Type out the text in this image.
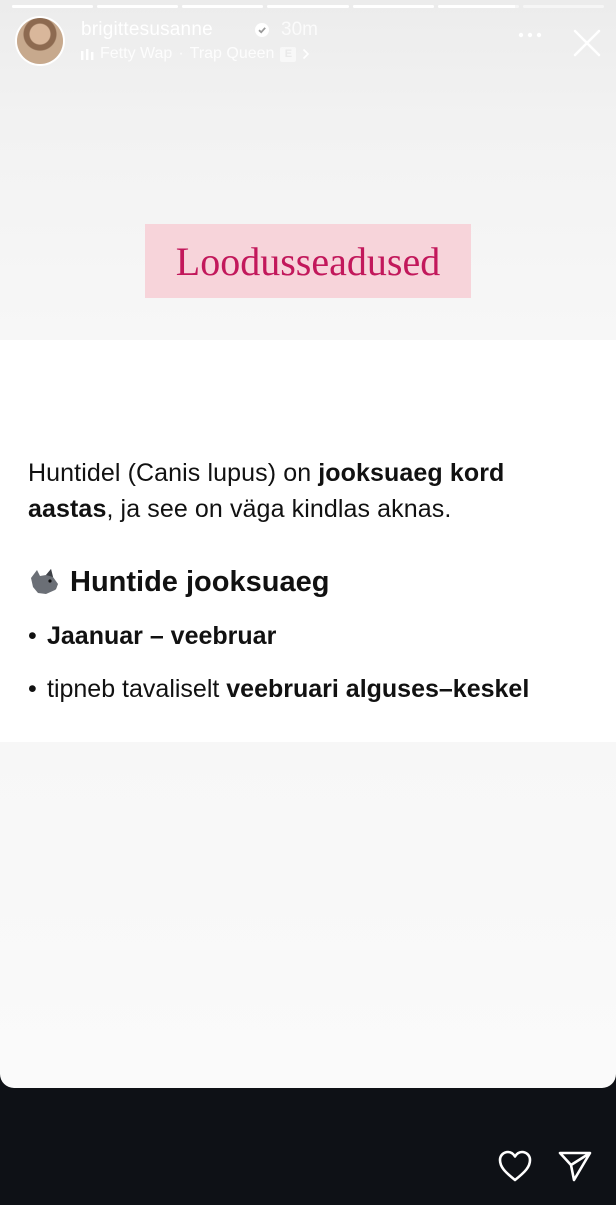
brigittesusanne	30m
Fetty Wap · Trap Queen E
Loodusseadused
Huntidel (Canis lupus) on jooksuaeg kord aastas, ja see on väga kindlas aknas.
Huntide jooksuaeg
• Jaanuar – veebruar
• tipneb tavaliselt veebruari alguses–keskel
